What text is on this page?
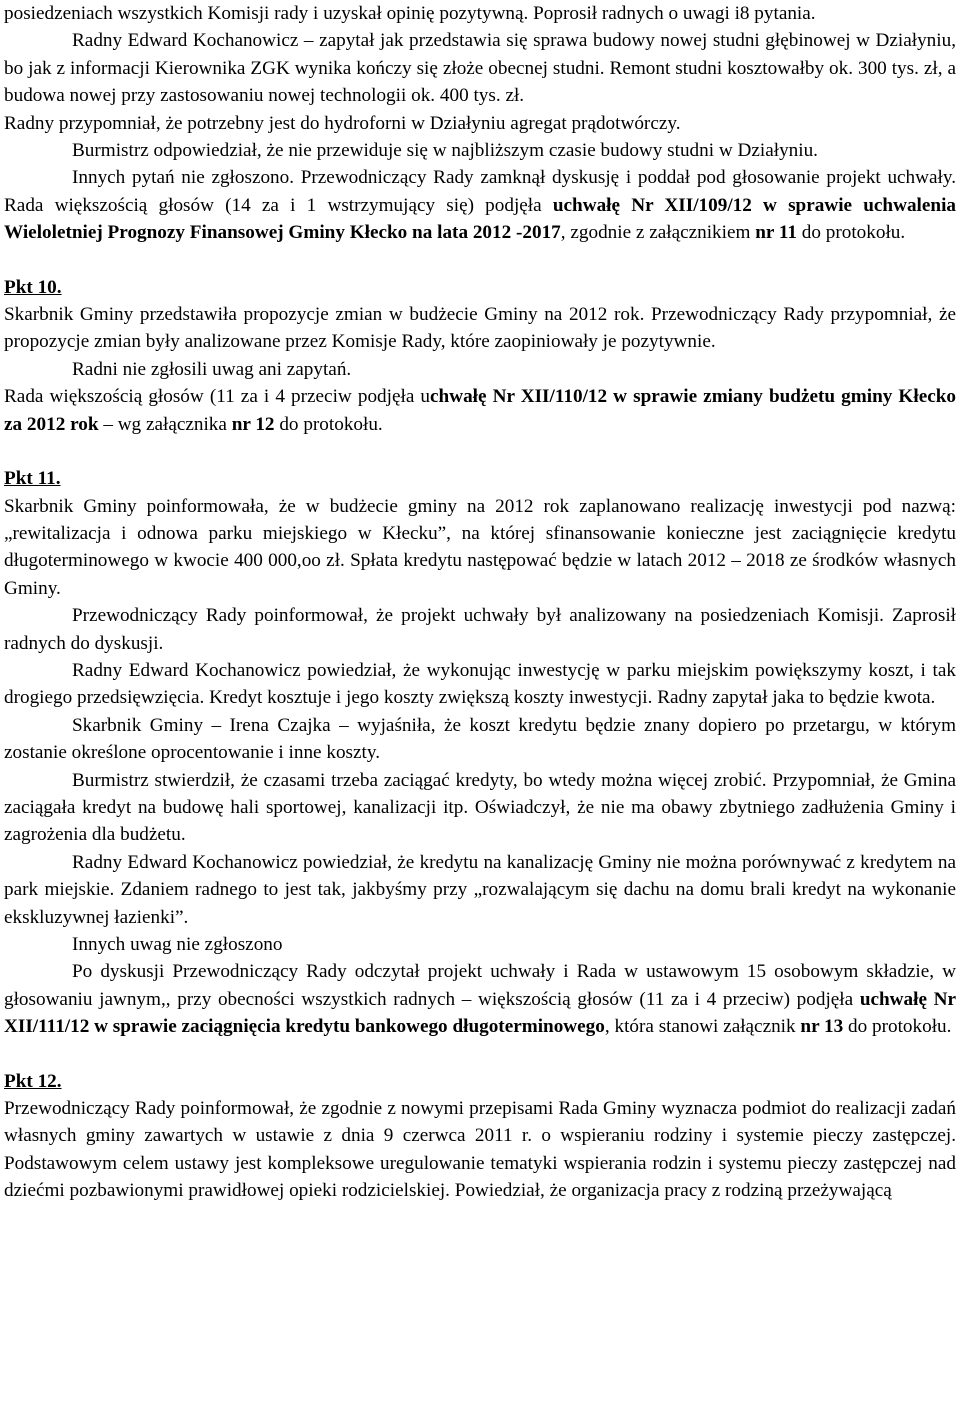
posiedzeniach wszystkich Komisji rady i uzyskał opinię pozytywną. Poprosił radnych o uwagi i8 pytania.

Radny Edward Kochanowicz – zapytał jak przedstawia się sprawa budowy nowej studni głębinowej w Działyniu, bo jak z informacji Kierownika ZGK wynika kończy się złoże obecnej studni. Remont studni kosztowałby ok. 300 tys. zł, a budowa nowej przy zastosowaniu nowej technologii ok. 400 tys. zł.

Radny przypomniał, że potrzebny jest do hydroforni w Działyniu agregat prądotwórczy.

Burmistrz odpowiedział, że nie przewiduje się w najbliższym czasie budowy studni w Działyniu.

Innych pytań nie zgłoszono. Przewodniczący Rady zamknął dyskusję i poddał pod głosowanie projekt uchwały. Rada większością głosów (14 za i 1 wstrzymujący się) podjęła uchwałę Nr XII/109/12 w sprawie uchwalenia Wieloletniej Prognozy Finansowej Gminy Kłecko na lata 2012 -2017, zgodnie z załącznikiem nr 11 do protokołu.

Pkt 10.

Skarbnik Gminy przedstawiła propozycje zmian w budżecie Gminy na 2012 rok. Przewodniczący Rady przypomniał, że propozycje zmian były analizowane przez Komisje Rady, które zaopiniowały je pozytywnie.

Radni nie zgłosili uwag ani zapytań.

Rada większością głosów (11 za i 4 przeciw podjęła uchwałę Nr XII/110/12 w sprawie zmiany budżetu gminy Kłecko za 2012 rok – wg załącznika nr 12 do protokołu.

Pkt 11.

Skarbnik Gminy poinformowała, że w budżecie gminy na 2012 rok zaplanowano realizację inwestycji pod nazwą: „rewitalizacja i odnowa parku miejskiego w Kłecku”, na której sfinansowanie konieczne jest zaciągnięcie kredytu długoterminowego w kwocie 400 000,oo zł. Spłata kredytu następować będzie w latach 2012 – 2018 ze środków własnych Gminy.

Przewodniczący Rady poinformował, że projekt uchwały był analizowany na posiedzeniach Komisji. Zaprosił radnych do dyskusji.

Radny Edward Kochanowicz powiedział, że wykonując inwestycję w parku miejskim powiększymy koszt, i tak drogiego przedsięwzięcia. Kredyt kosztuje i jego koszty zwiększą koszty inwestycji. Radny zapytał jaka to będzie kwota.

Skarbnik Gminy – Irena Czajka – wyjaśniła, że koszt kredytu będzie znany dopiero po przetargu, w którym zostanie określone oprocentowanie i inne koszty.

Burmistrz stwierdził, że czasami trzeba zaciągać kredyty, bo wtedy można więcej zrobić. Przypomniał, że Gmina zaciągała kredyt na budowę hali sportowej, kanalizacji itp. Oświadczył, że nie ma obawy zbytniego zadłużenia Gminy i zagrożenia dla budżetu.

Radny Edward Kochanowicz powiedział, że kredytu na kanalizację Gminy nie można porównywać z kredytem na park miejskie. Zdaniem radnego to jest tak, jakbyśmy przy „rozwalającym się dachu na domu brali kredyt na wykonanie ekskluzywnej łazienki”.

Innych uwag nie zgłoszono

Po dyskusji Przewodniczący Rady odczytał projekt uchwały i Rada w ustawowym 15 osobowym składzie, w głosowaniu jawnym,, przy obecności wszystkich radnych – większością głosów (11 za i 4 przeciw) podjęła uchwałę Nr XII/111/12 w sprawie zaciągnięcia kredytu bankowego długoterminowego, która stanowi załącznik nr 13 do protokołu.

Pkt 12.

Przewodniczący Rady poinformował, że zgodnie z nowymi przepisami Rada Gminy wyznacza podmiot do realizacji zadań własnych gminy zawartych w ustawie z dnia 9 czerwca 2011 r. o wspieraniu rodziny i systemie pieczy zastępczej. Podstawowym celem ustawy jest kompleksowe uregulowanie tematyki wspierania rodzin i systemu pieczy zastępczej nad dziećmi pozbawionymi prawidłowej opieki rodzicielskiej. Powiedział, że organizacja pracy z rodziną przeżywającą
